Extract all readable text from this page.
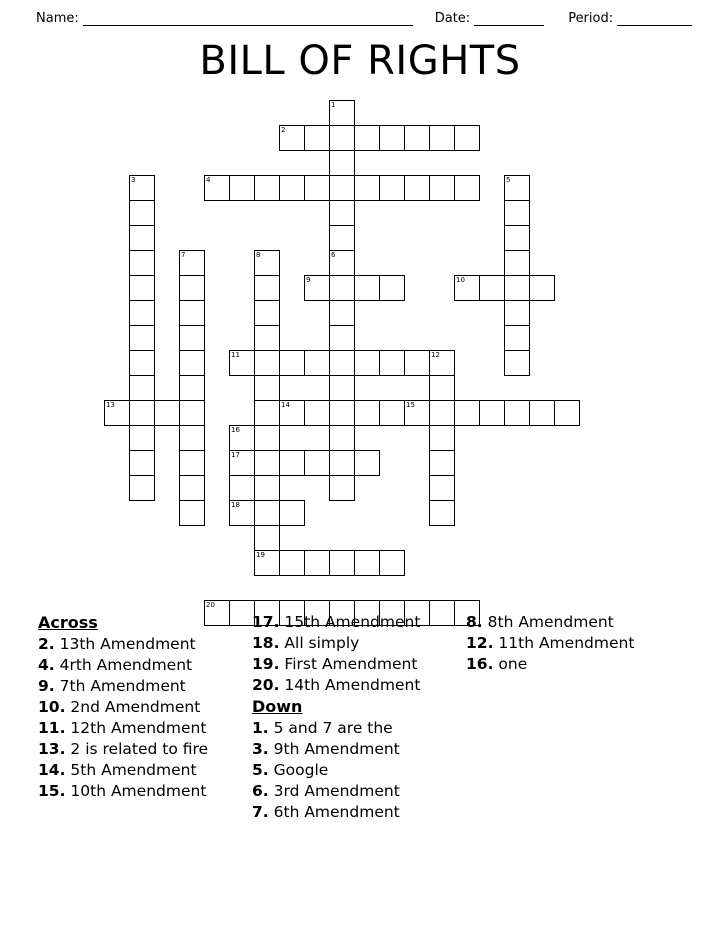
Name:	Date:	Period:
BILL OF RIGHTS
1
6
2
3	4	5
7	8
19
9	10
11	12
13	14	15
16
17
18
20
Across
2. 13th Amendment
4. 4rth Amendment
9. 7th Amendment
10. 2nd Amendment
11. 12th Amendment
13. 2 is related to fire
14. 5th Amendment
15. 10th Amendment
17. 15th Amendment
18. All simply
19. First Amendment
20. 14th Amendment
Down
1. 5 and 7 are the
3. 9th Amendment
5. Google
6. 3rd Amendment
7. 6th Amendment
8. 8th Amendment
12. 11th Amendment
16. one
